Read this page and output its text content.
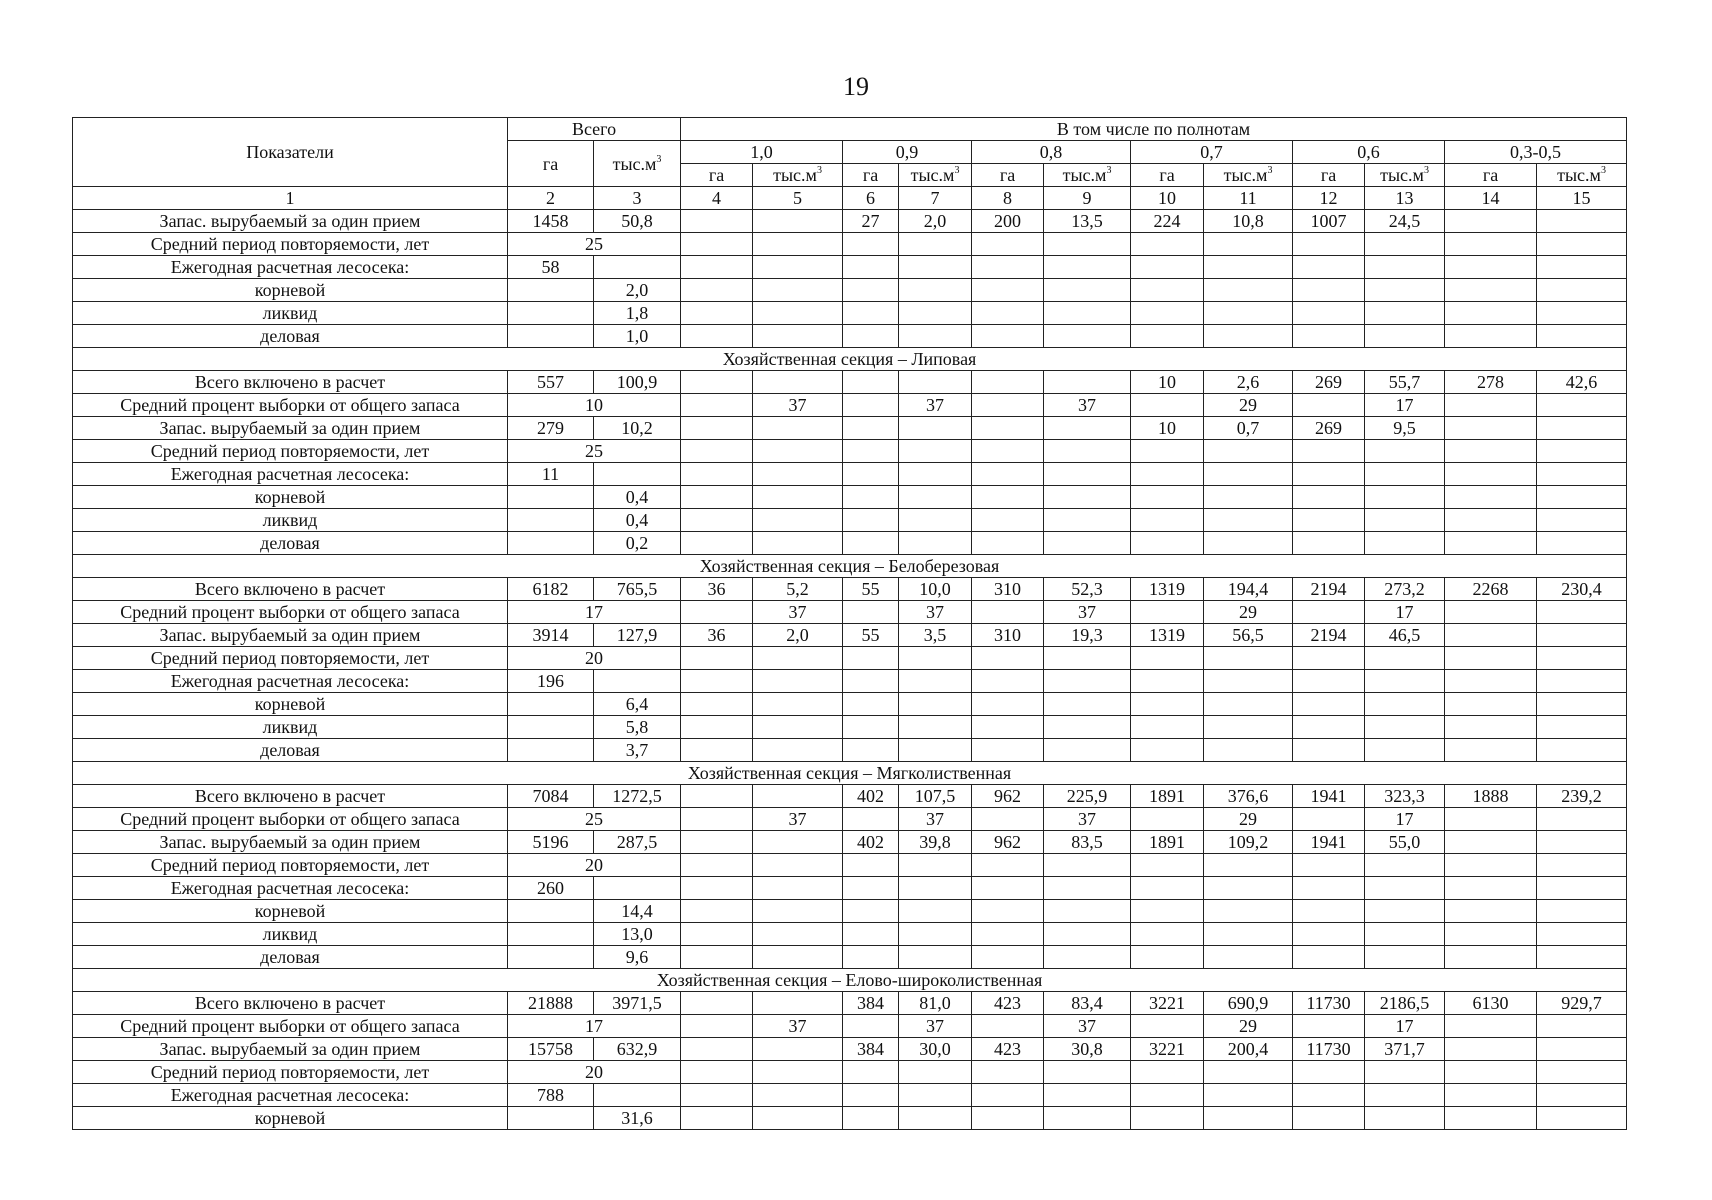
19
Показатели	Всего		В том числе по полнотам											
	га	$тыс.м^3$	1,0		0,9		0,8		0,7		0,6		0,3-0,5	
			га	$тыс.м^3$	га	$тыс.м^3$	га	$тыс.м^3$	га	$тыс.м^3$	га	$тыс.м^3$	га	$тыс.м^3$
1	2	3	4	5	6	7	8	9	10	11	12	13	14	15
Запас. вырубаемый за один прием	1458	50,8			27	2,0	200	13,5	224	10,8	1007	24,5		
Средний период повторяемости, лет	25													
Ежегодная расчетная лесосека:	58													
корневой		2,0												
ликвид		1,8												
деловая		1,0												
Хозяйственная секция – Липовая														
Всего включено в расчет	557	100,9							10	2,6	269	55,7	278	42,6
Средний процент выборки от общего запаса	10			37		37		37		29		17		
Запас. вырубаемый за один прием	279	10,2							10	0,7	269	9,5		
Средний период повторяемости, лет	25													
Ежегодная расчетная лесосека:	11													
корневой		0,4												
ликвид		0,4												
деловая		0,2												
Хозяйственная секция – Белоберезовая														
Всего включено в расчет	6182	765,5	36	5,2	55	10,0	310	52,3	1319	194,4	2194	273,2	2268	230,4
Средний процент выборки от общего запаса	17			37		37		37		29		17		
Запас. вырубаемый за один прием	3914	127,9	36	2,0	55	3,5	310	19,3	1319	56,5	2194	46,5		
Средний период повторяемости, лет	20													
Ежегодная расчетная лесосека:	196													
корневой		6,4												
ликвид		5,8												
деловая		3,7												
Хозяйственная секция – Мягколиственная														
Всего включено в расчет	7084	1272,5			402	107,5	962	225,9	1891	376,6	1941	323,3	1888	239,2
Средний процент выборки от общего запаса	25			37		37		37		29		17		
Запас. вырубаемый за один прием	5196	287,5			402	39,8	962	83,5	1891	109,2	1941	55,0		
Средний период повторяемости, лет	20													
Ежегодная расчетная лесосека:	260													
корневой		14,4												
ликвид		13,0												
деловая		9,6												
Хозяйственная секция – Елово-широколиственная														
Всего включено в расчет	21888	3971,5			384	81,0	423	83,4	3221	690,9	11730	2186,5	6130	929,7
Средний процент выборки от общего запаса	17			37		37		37		29		17		
Запас. вырубаемый за один прием	15758	632,9			384	30,0	423	30,8	3221	200,4	11730	371,7		
Средний период повторяемости, лет	20													
Ежегодная расчетная лесосека:	788													
корневой		31,6												
